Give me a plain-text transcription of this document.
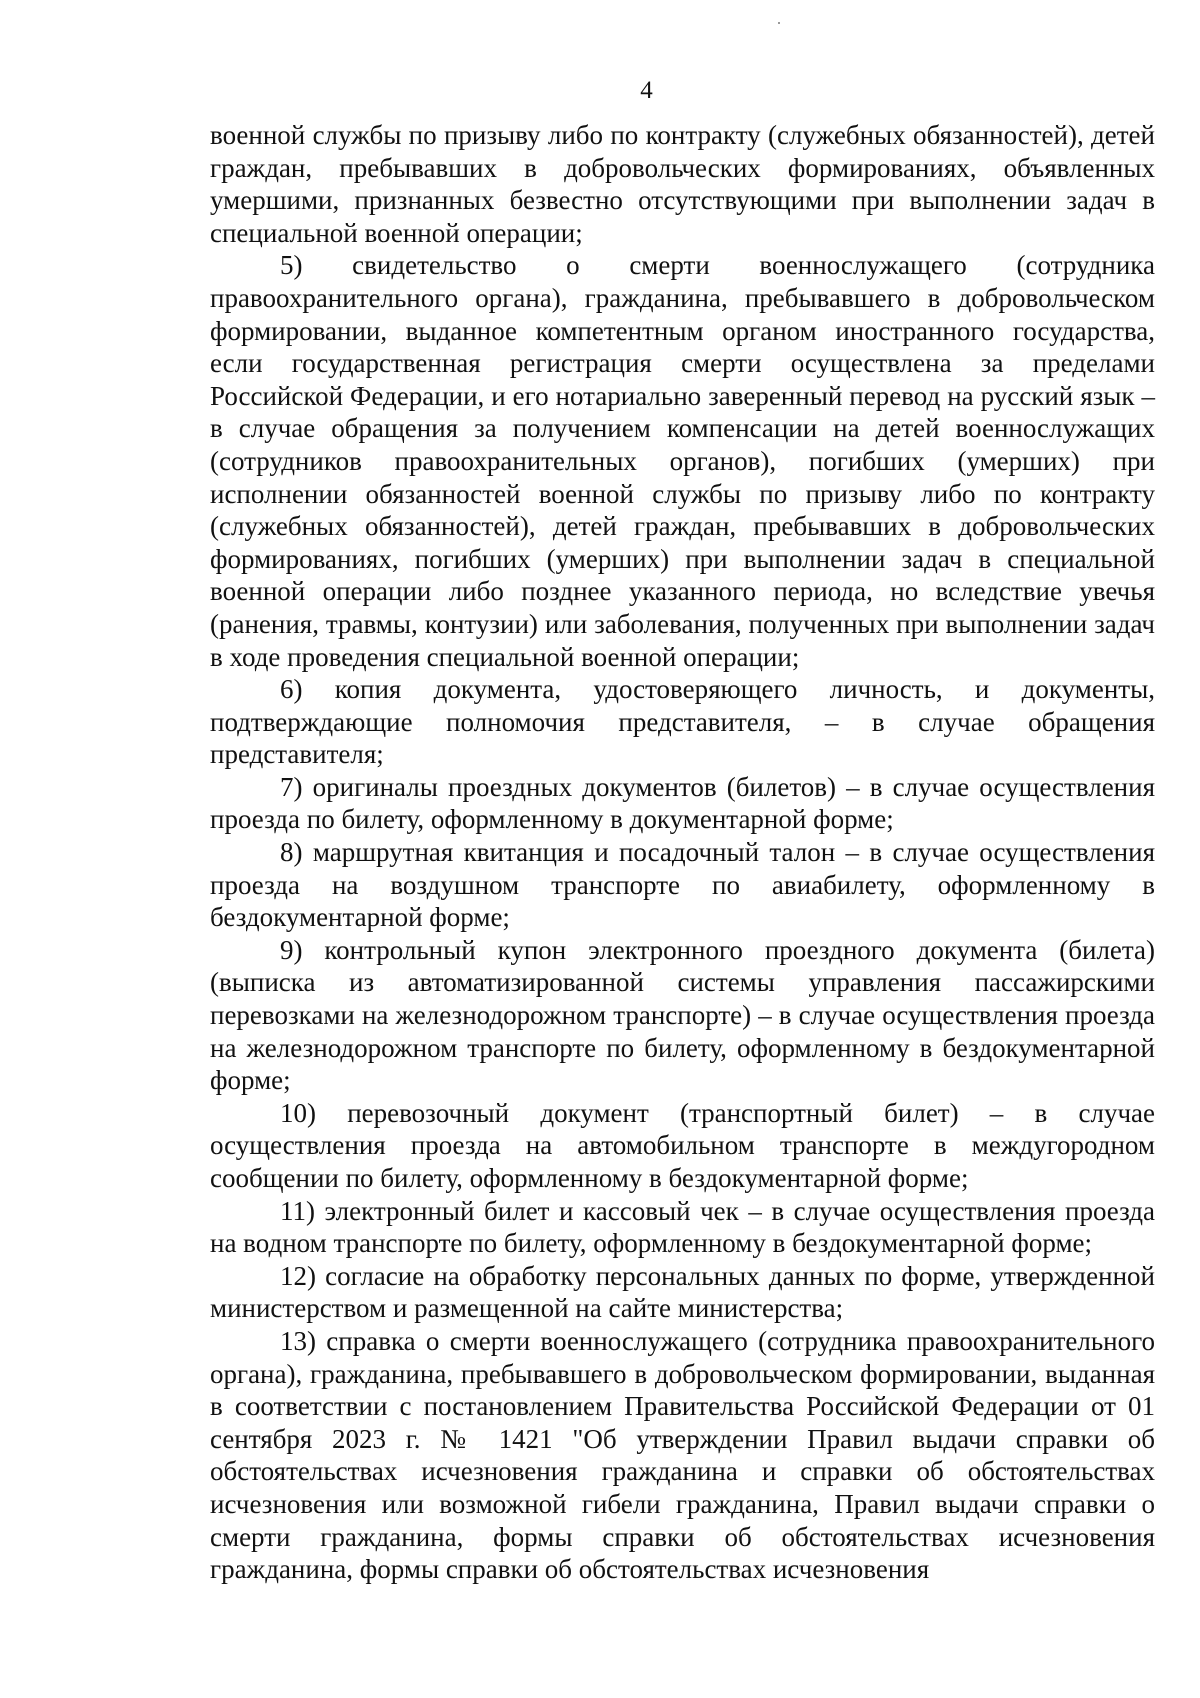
4

военной службы по призыву либо по контракту (служебных обязанностей), детей граждан, пребывавших в добровольческих формированиях, объявленных умершими, признанных безвестно отсутствующими при выполнении задач в специальной военной операции;

5) свидетельство о смерти военнослужащего (сотрудника правоохранительного органа), гражданина, пребывавшего в добровольческом формировании, выданное компетентным органом иностранного государства, если государственная регистрация смерти осуществлена за пределами Российской Федерации, и его нотариально заверенный перевод на русский язык – в случае обращения за получением компенсации на детей военнослужащих (сотрудников правоохранительных органов), погибших (умерших) при исполнении обязанностей военной службы по призыву либо по контракту (служебных обязанностей), детей граждан, пребывавших в добровольческих формированиях, погибших (умерших) при выполнении задач в специальной военной операции либо позднее указанного периода, но вследствие увечья (ранения, травмы, контузии) или заболевания, полученных при выполнении задач в ходе проведения специальной военной операции;

6) копия документа, удостоверяющего личность, и документы, подтверждающие полномочия представителя, – в случае обращения представителя;

7) оригиналы проездных документов (билетов) – в случае осуществления проезда по билету, оформленному в документарной форме;

8) маршрутная квитанция и посадочный талон – в случае осуществления проезда на воздушном транспорте по авиабилету, оформленному в бездокументарной форме;

9) контрольный купон электронного проездного документа (билета) (выписка из автоматизированной системы управления пассажирскими перевозками на железнодорожном транспорте) – в случае осуществления проезда на железнодорожном транспорте по билету, оформленному в бездокументарной форме;

10) перевозочный документ (транспортный билет) – в случае осуществления проезда на автомобильном транспорте в междугородном сообщении по билету, оформленному в бездокументарной форме;

11) электронный билет и кассовый чек – в случае осуществления проезда на водном транспорте по билету, оформленному в бездокументарной форме;

12) согласие на обработку персональных данных по форме, утвержденной министерством и размещенной на сайте министерства;

13) справка о смерти военнослужащего (сотрудника правоохранительного органа), гражданина, пребывавшего в добровольческом формировании, выданная в соответствии с постановлением Правительства Российской Федерации от 01 сентября 2023 г. № 1421 "Об утверждении Правил выдачи справки об обстоятельствах исчезновения гражданина и справки об обстоятельствах исчезновения или возможной гибели гражданина, Правил выдачи справки о смерти гражданина, формы справки об обстоятельствах исчезновения гражданина, формы справки об обстоятельствах исчезновения
